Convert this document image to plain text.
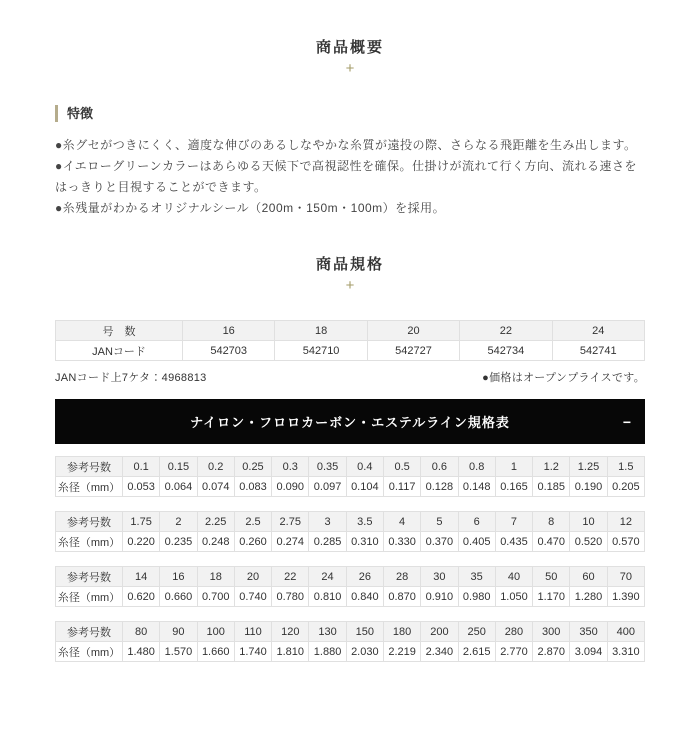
商品概要
+
特徴
●糸グセがつきにくく、適度な伸びのあるしなやかな糸質が遠投の際、さらなる飛距離を生み出します。
●イエローグリーンカラーはあらゆる天候下で高視認性を確保。仕掛けが流れて行く方向、流れる速さをはっきりと目視することができます。
●糸残量がわかるオリジナルシール（200m・150m・100m）を採用。
商品規格
+
号　数	16	18	20	22	24
JANコード	542703	542710	542727	542734	542741
JANコード上7ケタ：4968813	●価格はオープンプライスです。
ナイロン・フロロカーボン・エステルライン規格表	−
参考号数	0.1	0.15	0.2	0.25	0.3	0.35	0.4	0.5	0.6	0.8	1	1.2	1.25	1.5
糸径（mm）	0.053	0.064	0.074	0.083	0.090	0.097	0.104	0.117	0.128	0.148	0.165	0.185	0.190	0.205
参考号数	1.75	2	2.25	2.5	2.75	3	3.5	4	5	6	7	8	10	12
糸径（mm）	0.220	0.235	0.248	0.260	0.274	0.285	0.310	0.330	0.370	0.405	0.435	0.470	0.520	0.570
参考号数	14	16	18	20	22	24	26	28	30	35	40	50	60	70
糸径（mm）	0.620	0.660	0.700	0.740	0.780	0.810	0.840	0.870	0.910	0.980	1.050	1.170	1.280	1.390
参考号数	80	90	100	110	120	130	150	180	200	250	280	300	350	400
糸径（mm）	1.480	1.570	1.660	1.740	1.810	1.880	2.030	2.219	2.340	2.615	2.770	2.870	3.094	3.310
